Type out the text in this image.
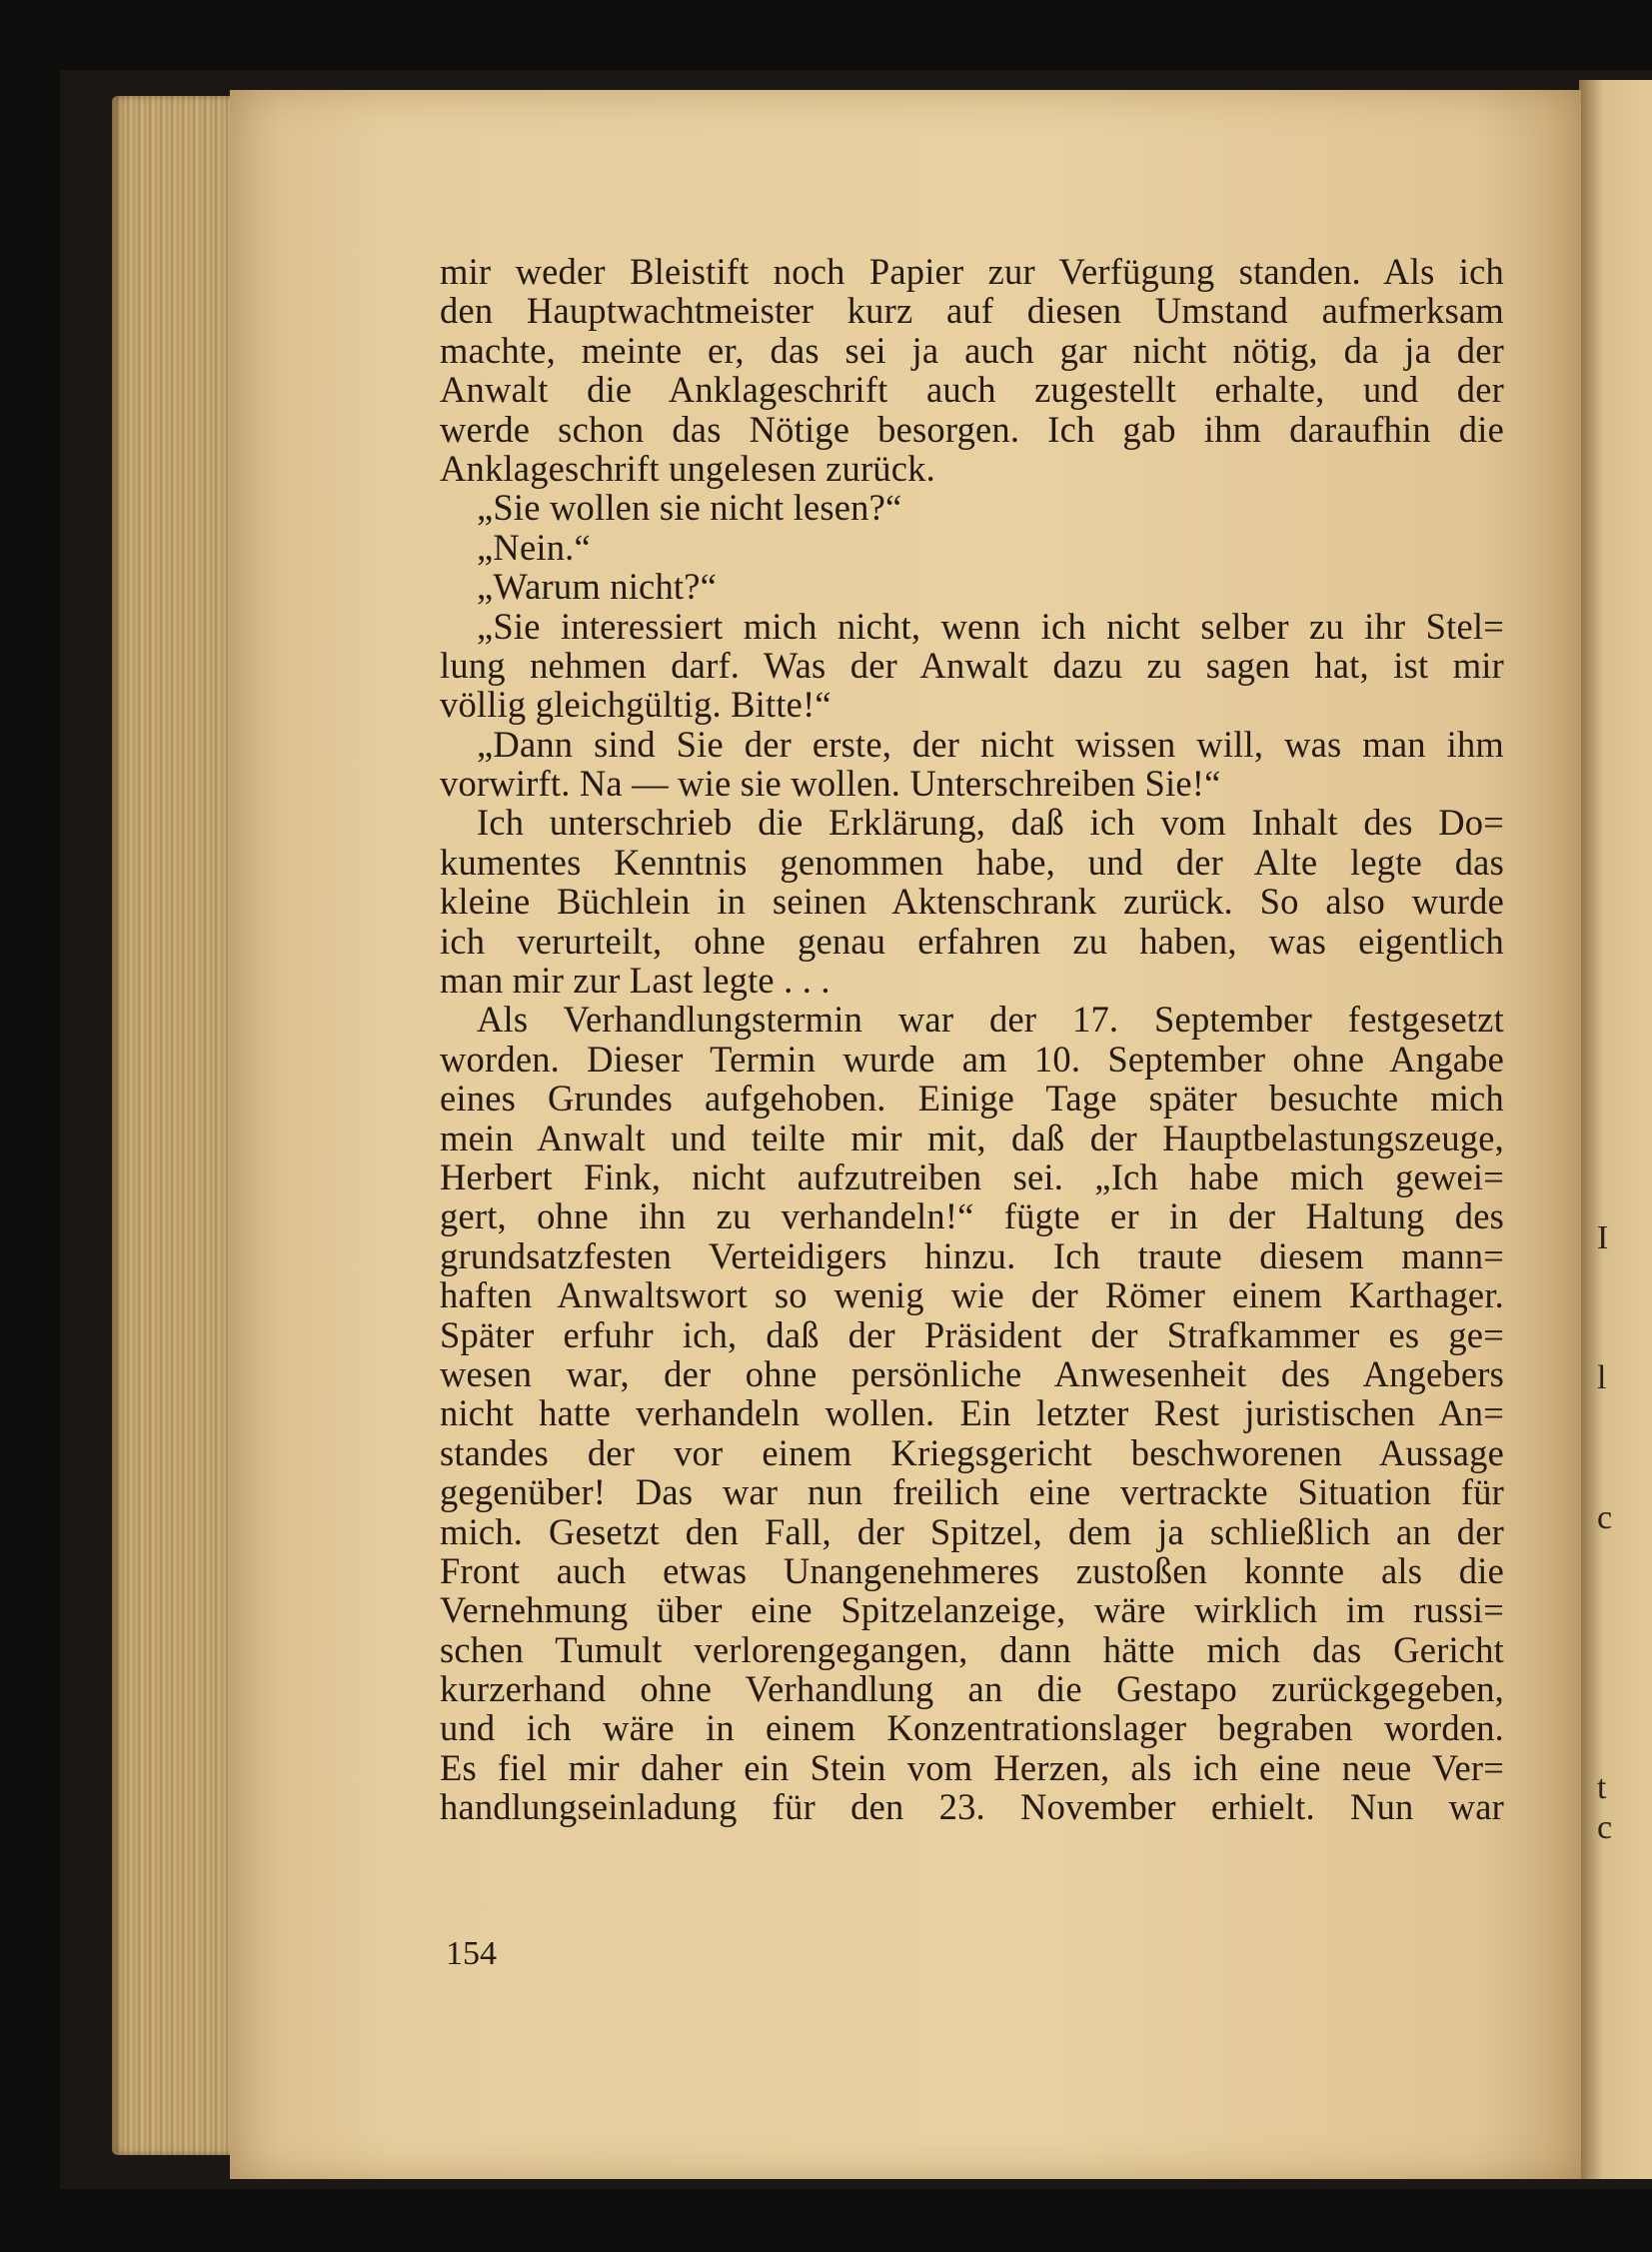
I
l
c
t
c
mir weder Bleistift noch Papier zur Verfügung standen. Als ich
den Hauptwachtmeister kurz auf diesen Umstand aufmerksam
machte, meinte er, das sei ja auch gar nicht nötig, da ja der
Anwalt die Anklageschrift auch zugestellt erhalte, und der
werde schon das Nötige besorgen. Ich gab ihm daraufhin die
Anklageschrift ungelesen zurück.
„Sie wollen sie nicht lesen?“
„Nein.“
„Warum nicht?“
„Sie interessiert mich nicht, wenn ich nicht selber zu ihr Stel=
lung nehmen darf. Was der Anwalt dazu zu sagen hat, ist mir
völlig gleichgültig. Bitte!“
„Dann sind Sie der erste, der nicht wissen will, was man ihm
vorwirft. Na — wie sie wollen. Unterschreiben Sie!“
Ich unterschrieb die Erklärung, daß ich vom Inhalt des Do=
kumentes Kenntnis genommen habe, und der Alte legte das
kleine Büchlein in seinen Aktenschrank zurück. So also wurde
ich verurteilt, ohne genau erfahren zu haben, was eigentlich
man mir zur Last legte . . .
Als Verhandlungstermin war der 17. September festgesetzt
worden. Dieser Termin wurde am 10. September ohne Angabe
eines Grundes aufgehoben. Einige Tage später besuchte mich
mein Anwalt und teilte mir mit, daß der Hauptbelastungszeuge,
Herbert Fink, nicht aufzutreiben sei. „Ich habe mich gewei=
gert, ohne ihn zu verhandeln!“ fügte er in der Haltung des
grundsatzfesten Verteidigers hinzu. Ich traute diesem mann=
haften Anwaltswort so wenig wie der Römer einem Karthager.
Später erfuhr ich, daß der Präsident der Strafkammer es ge=
wesen war, der ohne persönliche Anwesenheit des Angebers
nicht hatte verhandeln wollen. Ein letzter Rest juristischen An=
standes der vor einem Kriegsgericht beschworenen Aussage
gegenüber! Das war nun freilich eine vertrackte Situation für
mich. Gesetzt den Fall, der Spitzel, dem ja schließlich an der
Front auch etwas Unangenehmeres zustoßen konnte als die
Vernehmung über eine Spitzelanzeige, wäre wirklich im russi=
schen Tumult verlorengegangen, dann hätte mich das Gericht
kurzerhand ohne Verhandlung an die Gestapo zurückgegeben,
und ich wäre in einem Konzentrationslager begraben worden.
Es fiel mir daher ein Stein vom Herzen, als ich eine neue Ver=
handlungseinladung für den 23. November erhielt. Nun war
154
